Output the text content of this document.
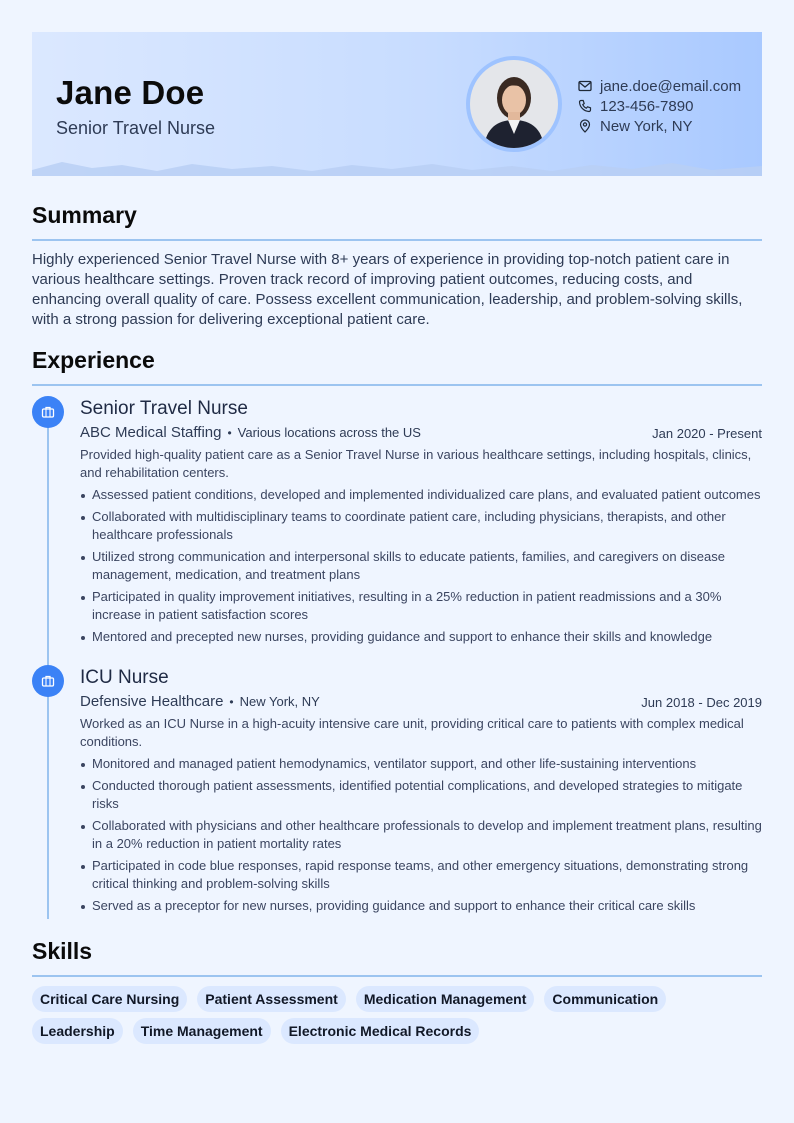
Jane Doe
Senior Travel Nurse
jane.doe@email.com
123-456-7890
New York, NY
Summary
Highly experienced Senior Travel Nurse with 8+ years of experience in providing top-notch patient care in various healthcare settings. Proven track record of improving patient outcomes, reducing costs, and enhancing overall quality of care. Possess excellent communication, leadership, and problem-solving skills, with a strong passion for delivering exceptional patient care.
Experience
Senior Travel Nurse
ABC Medical Staffing • Various locations across the US	Jan 2020 - Present
Provided high-quality patient care as a Senior Travel Nurse in various healthcare settings, including hospitals, clinics, and rehabilitation centers.
Assessed patient conditions, developed and implemented individualized care plans, and evaluated patient outcomes
Collaborated with multidisciplinary teams to coordinate patient care, including physicians, therapists, and other healthcare professionals
Utilized strong communication and interpersonal skills to educate patients, families, and caregivers on disease management, medication, and treatment plans
Participated in quality improvement initiatives, resulting in a 25% reduction in patient readmissions and a 30% increase in patient satisfaction scores
Mentored and precepted new nurses, providing guidance and support to enhance their skills and knowledge
ICU Nurse
Defensive Healthcare • New York, NY	Jun 2018 - Dec 2019
Worked as an ICU Nurse in a high-acuity intensive care unit, providing critical care to patients with complex medical conditions.
Monitored and managed patient hemodynamics, ventilator support, and other life-sustaining interventions
Conducted thorough patient assessments, identified potential complications, and developed strategies to mitigate risks
Collaborated with physicians and other healthcare professionals to develop and implement treatment plans, resulting in a 20% reduction in patient mortality rates
Participated in code blue responses, rapid response teams, and other emergency situations, demonstrating strong critical thinking and problem-solving skills
Served as a preceptor for new nurses, providing guidance and support to enhance their critical care skills
Skills
Critical Care Nursing	Patient Assessment	Medication Management	Communication
Leadership	Time Management	Electronic Medical Records
